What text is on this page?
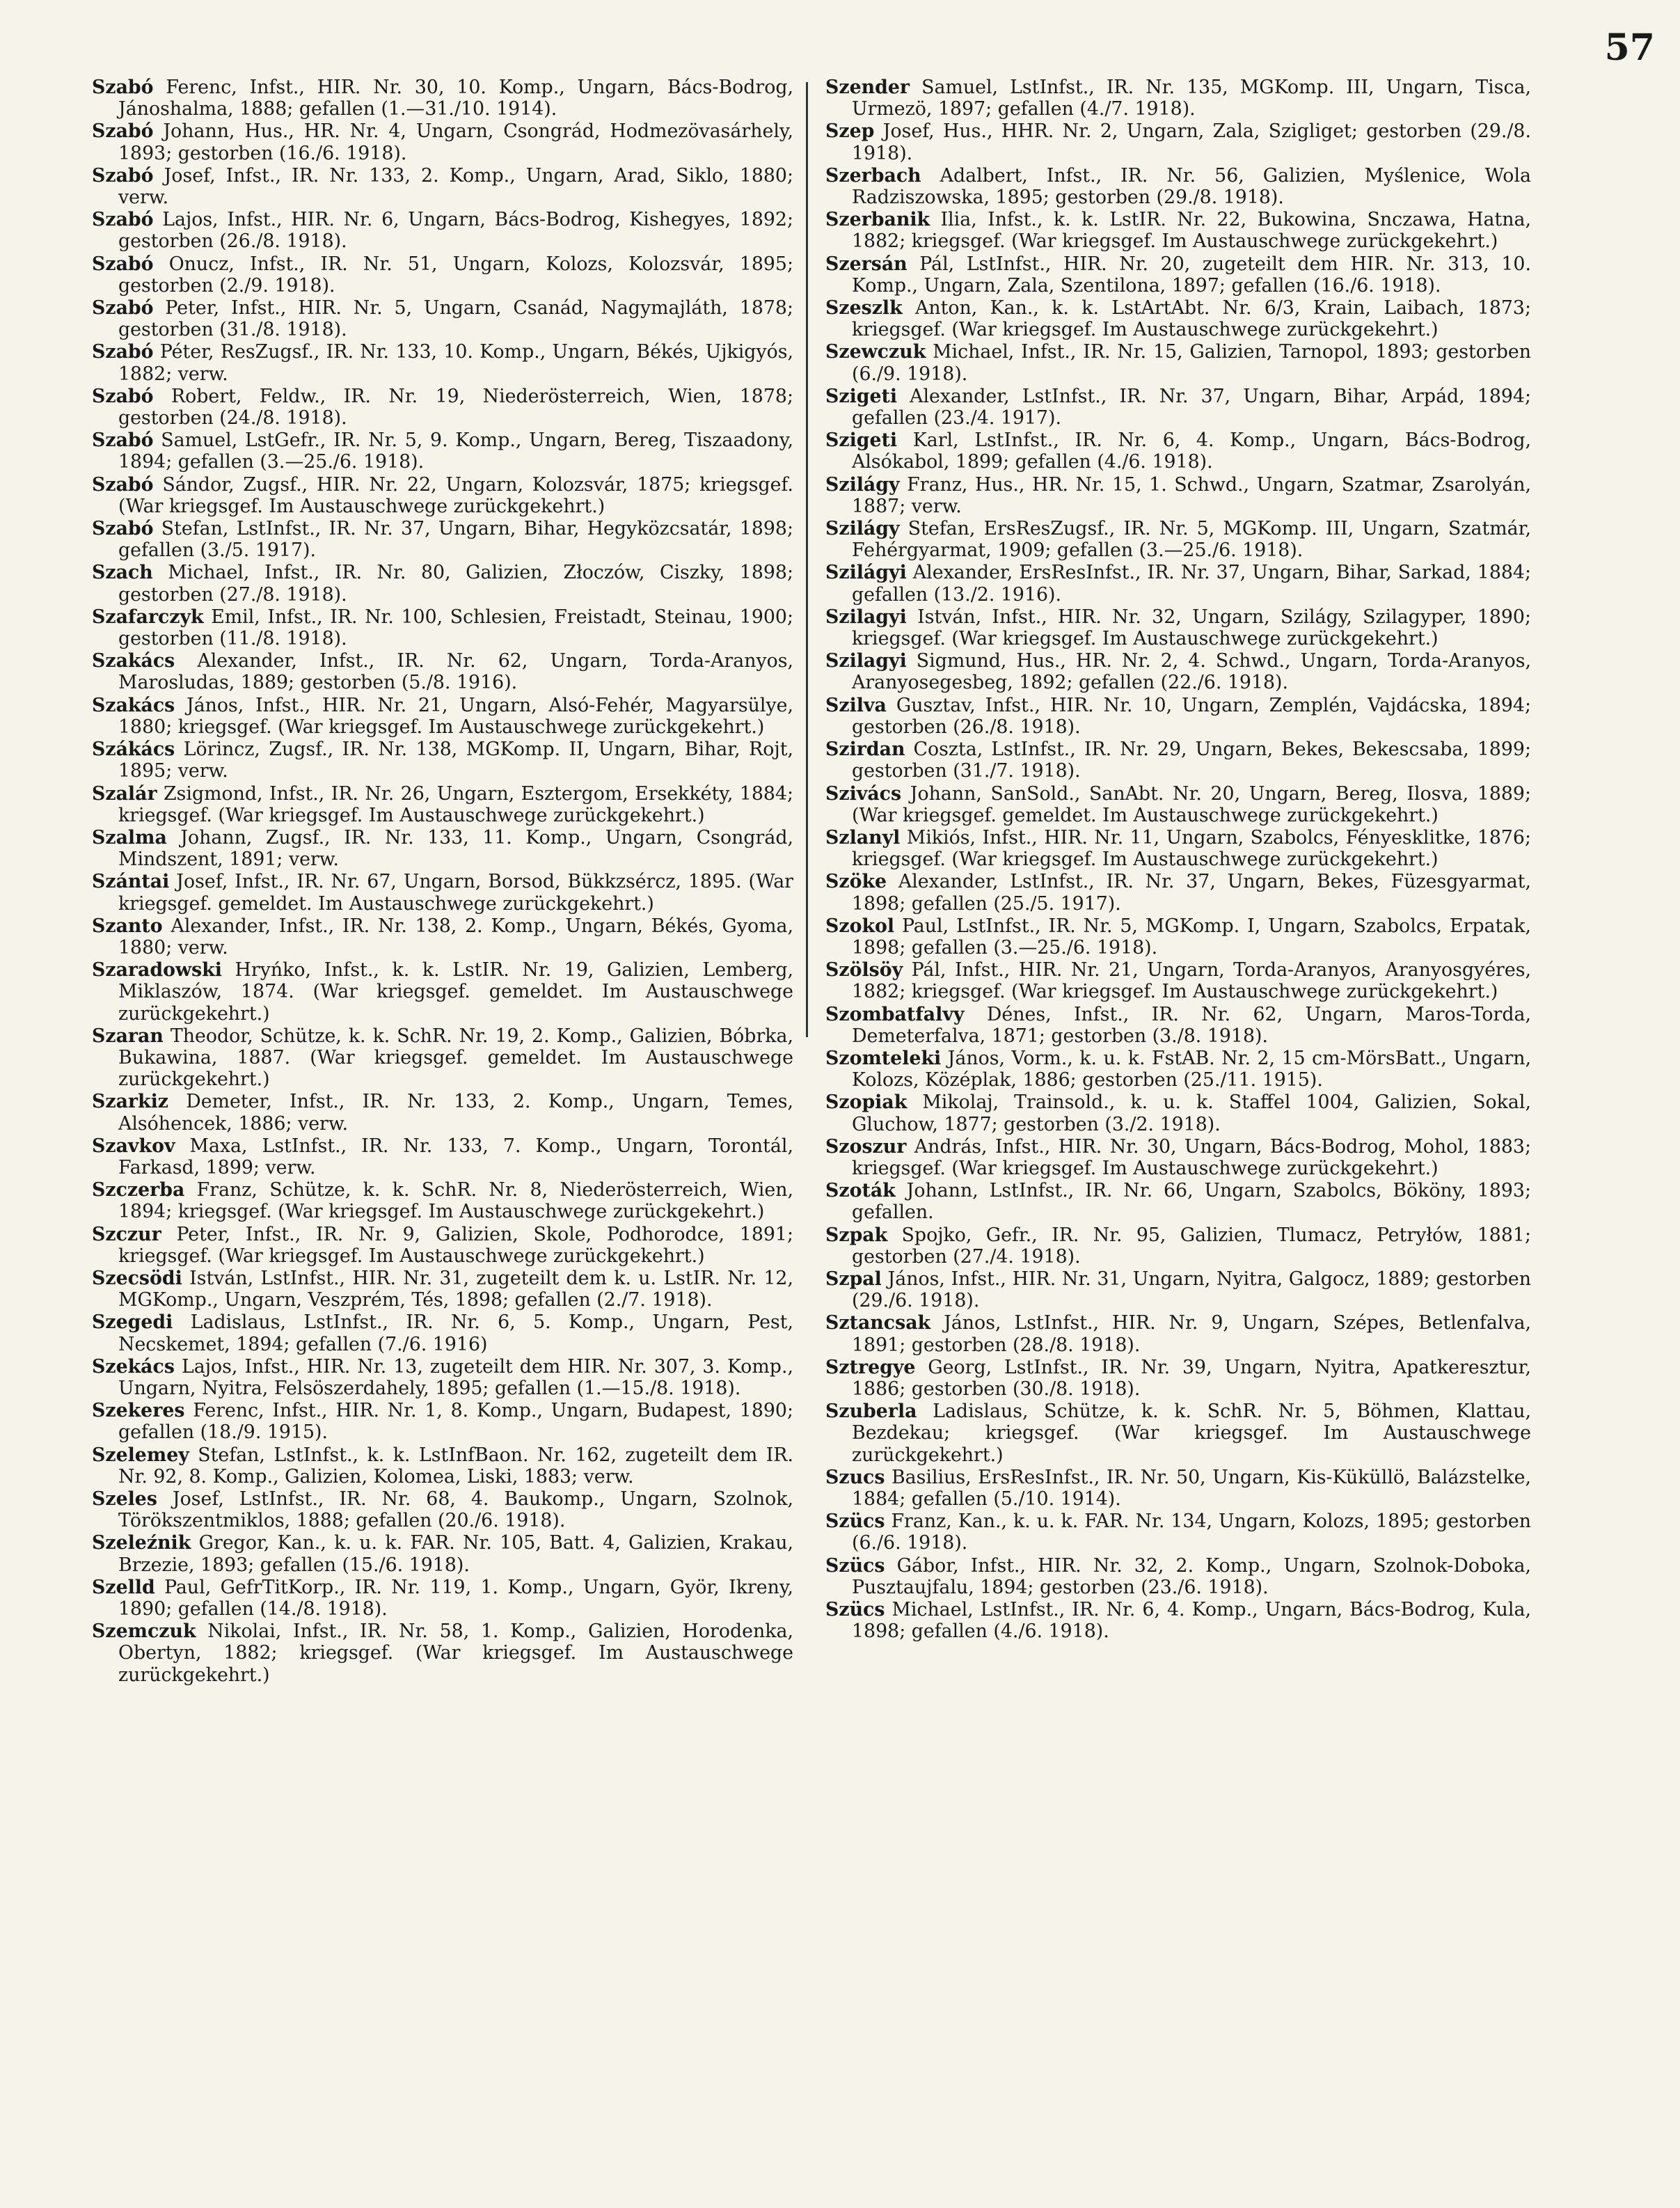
57

Szabó Ferenc, Infst., HIR. Nr. 30, 10. Komp., Ungarn, Bács-Bodrog, Jánoshalma, 1888; gefallen (1.—31./10. 1914).

Szabó Johann, Hus., HR. Nr. 4, Ungarn, Csongrád, Hodmezövasárhely, 1893; gestorben (16./6. 1918).

Szabó Josef, Infst., IR. Nr. 133, 2. Komp., Ungarn, Arad, Siklo, 1880; verw.

Szabó Lajos, Infst., HIR. Nr. 6, Ungarn, Bács-Bodrog, Kishegyes, 1892; gestorben (26./8. 1918).

Szabó Onucz, Infst., IR. Nr. 51, Ungarn, Kolozs, Kolozsvár, 1895; gestorben (2./9. 1918).

Szabó Peter, Infst., HIR. Nr. 5, Ungarn, Csanád, Nagymajláth, 1878; gestorben (31./8. 1918).

Szabó Péter, ResZugsf., IR. Nr. 133, 10. Komp., Ungarn, Békés, Ujkigyós, 1882; verw.

Szabó Robert, Feldw., IR. Nr. 19, Niederösterreich, Wien, 1878; gestorben (24./8. 1918).

Szabó Samuel, LstGefr., IR. Nr. 5, 9. Komp., Ungarn, Bereg, Tiszaadony, 1894; gefallen (3.—25./6. 1918).

Szabó Sándor, Zugsf., HIR. Nr. 22, Ungarn, Kolozsvár, 1875; kriegsgef. (War kriegsgef. Im Austauschwege zurückgekehrt.)

Szabó Stefan, LstInfst., IR. Nr. 37, Ungarn, Bihar, Hegyközcsatár, 1898; gefallen (3./5. 1917).

Szach Michael, Infst., IR. Nr. 80, Galizien, Złoczów, Ciszky, 1898; gestorben (27./8. 1918).

Szafarczyk Emil, Infst., IR. Nr. 100, Schlesien, Freistadt, Steinau, 1900; gestorben (11./8. 1918).

Szakács Alexander, Infst., IR. Nr. 62, Ungarn, Torda-Aranyos, Marosludas, 1889; gestorben (5./8. 1916).

Szakács János, Infst., HIR. Nr. 21, Ungarn, Alsó-Fehér, Magyarsülye, 1880; kriegsgef. (War kriegsgef. Im Austauschwege zurückgekehrt.)

Szákács Lörincz, Zugsf., IR. Nr. 138, MGKomp. II, Ungarn, Bihar, Rojt, 1895; verw.

Szalár Zsigmond, Infst., IR. Nr. 26, Ungarn, Esztergom, Ersekkéty, 1884; kriegsgef. (War kriegsgef. Im Austauschwege zurückgekehrt.)

Szalma Johann, Zugsf., IR. Nr. 133, 11. Komp., Ungarn, Csongrád, Mindszent, 1891; verw.

Szántai Josef, Infst., IR. Nr. 67, Ungarn, Borsod, Bükkzsércz, 1895. (War kriegsgef. gemeldet. Im Austauschwege zurückgekehrt.)

Szanto Alexander, Infst., IR. Nr. 138, 2. Komp., Ungarn, Békés, Gyoma, 1880; verw.

Szaradowski Hryńko, Infst., k. k. LstIR. Nr. 19, Galizien, Lemberg, Miklaszów, 1874. (War kriegsgef. gemeldet. Im Austauschwege zurückgekehrt.)

Szaran Theodor, Schütze, k. k. SchR. Nr. 19, 2. Komp., Galizien, Bóbrka, Bukawina, 1887. (War kriegsgef. gemeldet. Im Austauschwege zurückgekehrt.)

Szarkiz Demeter, Infst., IR. Nr. 133, 2. Komp., Ungarn, Temes, Alsóhencek, 1886; verw.

Szavkov Maxa, LstInfst., IR. Nr. 133, 7. Komp., Ungarn, Torontál, Farkasd, 1899; verw.

Szczerba Franz, Schütze, k. k. SchR. Nr. 8, Niederösterreich, Wien, 1894; kriegsgef. (War kriegsgef. Im Austauschwege zurückgekehrt.)

Szczur Peter, Infst., IR. Nr. 9, Galizien, Skole, Podhorodce, 1891; kriegsgef. (War kriegsgef. Im Austauschwege zurückgekehrt.)

Szecsödi István, LstInfst., HIR. Nr. 31, zugeteilt dem k. u. LstIR. Nr. 12, MGKomp., Ungarn, Veszprém, Tés, 1898; gefallen (2./7. 1918).

Szegedi Ladislaus, LstInfst., IR. Nr. 6, 5. Komp., Ungarn, Pest, Necskemet, 1894; gefallen (7./6. 1916)

Szekács Lajos, Infst., HIR. Nr. 13, zugeteilt dem HIR. Nr. 307, 3. Komp., Ungarn, Nyitra, Felsöszerdahely, 1895; gefallen (1.—15./8. 1918).

Szekeres Ferenc, Infst., HIR. Nr. 1, 8. Komp., Ungarn, Budapest, 1890; gefallen (18./9. 1915).

Szelemey Stefan, LstInfst., k. k. LstInfBaon. Nr. 162, zugeteilt dem IR. Nr. 92, 8. Komp., Galizien, Kolomea, Liski, 1883; verw.

Szeles Josef, LstInfst., IR. Nr. 68, 4. Baukomp., Ungarn, Szolnok, Törökszentmiklos, 1888; gefallen (20./6. 1918).

Szeleźnik Gregor, Kan., k. u. k. FAR. Nr. 105, Batt. 4, Galizien, Krakau, Brzezie, 1893; gefallen (15./6. 1918).

Szelld Paul, GefrTitKorp., IR. Nr. 119, 1. Komp., Ungarn, Györ, Ikreny, 1890; gefallen (14./8. 1918).

Szemczuk Nikolai, Infst., IR. Nr. 58, 1. Komp., Galizien, Horodenka, Obertyn, 1882; kriegsgef. (War kriegsgef. Im Austauschwege zurückgekehrt.)

Szender Samuel, LstInfst., IR. Nr. 135, MGKomp. III, Ungarn, Tisca, Urmezö, 1897; gefallen (4./7. 1918).

Szep Josef, Hus., HHR. Nr. 2, Ungarn, Zala, Szigliget; gestorben (29./8. 1918).

Szerbach Adalbert, Infst., IR. Nr. 56, Galizien, Myślenice, Wola Radziszowska, 1895; gestorben (29./8. 1918).

Szerbanik Ilia, Infst., k. k. LstIR. Nr. 22, Bukowina, Snczawa, Hatna, 1882; kriegsgef. (War kriegsgef. Im Austauschwege zurückgekehrt.)

Szersán Pál, LstInfst., HIR. Nr. 20, zugeteilt dem HIR. Nr. 313, 10. Komp., Ungarn, Zala, Szentilona, 1897; gefallen (16./6. 1918).

Szeszlk Anton, Kan., k. k. LstArtAbt. Nr. 6/3, Krain, Laibach, 1873; kriegsgef. (War kriegsgef. Im Austauschwege zurückgekehrt.)

Szewczuk Michael, Infst., IR. Nr. 15, Galizien, Tarnopol, 1893; gestorben (6./9. 1918).

Szigeti Alexander, LstInfst., IR. Nr. 37, Ungarn, Bihar, Arpád, 1894; gefallen (23./4. 1917).

Szigeti Karl, LstInfst., IR. Nr. 6, 4. Komp., Ungarn, Bács-Bodrog, Alsókabol, 1899; gefallen (4./6. 1918).

Szilágy Franz, Hus., HR. Nr. 15, 1. Schwd., Ungarn, Szatmar, Zsarolyán, 1887; verw.

Szilágy Stefan, ErsResZugsf., IR. Nr. 5, MGKomp. III, Ungarn, Szatmár, Fehérgyarmat, 1909; gefallen (3.—25./6. 1918).

Szilágyi Alexander, ErsResInfst., IR. Nr. 37, Ungarn, Bihar, Sarkad, 1884; gefallen (13./2. 1916).

Szilagyi István, Infst., HIR. Nr. 32, Ungarn, Szilágy, Szilagyper, 1890; kriegsgef. (War kriegsgef. Im Austauschwege zurückgekehrt.)

Szilagyi Sigmund, Hus., HR. Nr. 2, 4. Schwd., Ungarn, Torda-Aranyos, Aranyosegesbeg, 1892; gefallen (22./6. 1918).

Szilva Gusztav, Infst., HIR. Nr. 10, Ungarn, Zemplén, Vajdácska, 1894; gestorben (26./8. 1918).

Szirdan Coszta, LstInfst., IR. Nr. 29, Ungarn, Bekes, Bekescsaba, 1899; gestorben (31./7. 1918).

Szivács Johann, SanSold., SanAbt. Nr. 20, Ungarn, Bereg, Ilosva, 1889; (War kriegsgef. gemeldet. Im Austauschwege zurückgekehrt.)

Szlanyl Mikiós, Infst., HIR. Nr. 11, Ungarn, Szabolcs, Fényesklitke, 1876; kriegsgef. (War kriegsgef. Im Austauschwege zurückgekehrt.)

Szöke Alexander, LstInfst., IR. Nr. 37, Ungarn, Bekes, Füzesgyarmat, 1898; gefallen (25./5. 1917).

Szokol Paul, LstInfst., IR. Nr. 5, MGKomp. I, Ungarn, Szabolcs, Erpatak, 1898; gefallen (3.—25./6. 1918).

Szölsöy Pál, Infst., HIR. Nr. 21, Ungarn, Torda-Aranyos, Aranyosgyéres, 1882; kriegsgef. (War kriegsgef. Im Austauschwege zurückgekehrt.)

Szombatfalvy Dénes, Infst., IR. Nr. 62, Ungarn, Maros-Torda, Demeterfalva, 1871; gestorben (3./8. 1918).

Szomteleki János, Vorm., k. u. k. FstAB. Nr. 2, 15 cm-MörsBatt., Ungarn, Kolozs, Középlak, 1886; gestorben (25./11. 1915).

Szopiak Mikolaj, Trainsold., k. u. k. Staffel 1004, Galizien, Sokal, Gluchow, 1877; gestorben (3./2. 1918).

Szoszur András, Infst., HIR. Nr. 30, Ungarn, Bács-Bodrog, Mohol, 1883; kriegsgef. (War kriegsgef. Im Austauschwege zurückgekehrt.)

Szoták Johann, LstInfst., IR. Nr. 66, Ungarn, Szabolcs, Bököny, 1893; gefallen.

Szpak Spojko, Gefr., IR. Nr. 95, Galizien, Tlumacz, Petryłów, 1881; gestorben (27./4. 1918).

Szpal János, Infst., HIR. Nr. 31, Ungarn, Nyitra, Galgocz, 1889; gestorben (29./6. 1918).

Sztancsak János, LstInfst., HIR. Nr. 9, Ungarn, Szépes, Betlenfalva, 1891; gestorben (28./8. 1918).

Sztregye Georg, LstInfst., IR. Nr. 39, Ungarn, Nyitra, Apatkeresztur, 1886; gestorben (30./8. 1918).

Szuberla Ladislaus, Schütze, k. k. SchR. Nr. 5, Böhmen, Klattau, Bezdekau; kriegsgef. (War kriegsgef. Im Austauschwege zurückgekehrt.)

Szucs Basilius, ErsResInfst., IR. Nr. 50, Ungarn, Kis-Küküllö, Balázstelke, 1884; gefallen (5./10. 1914).

Szücs Franz, Kan., k. u. k. FAR. Nr. 134, Ungarn, Kolozs, 1895; gestorben (6./6. 1918).

Szücs Gábor, Infst., HIR. Nr. 32, 2. Komp., Ungarn, Szolnok-Doboka, Pusztaujfalu, 1894; gestorben (23./6. 1918).

Szücs Michael, LstInfst., IR. Nr. 6, 4. Komp., Ungarn, Bács-Bodrog, Kula, 1898; gefallen (4./6. 1918).
